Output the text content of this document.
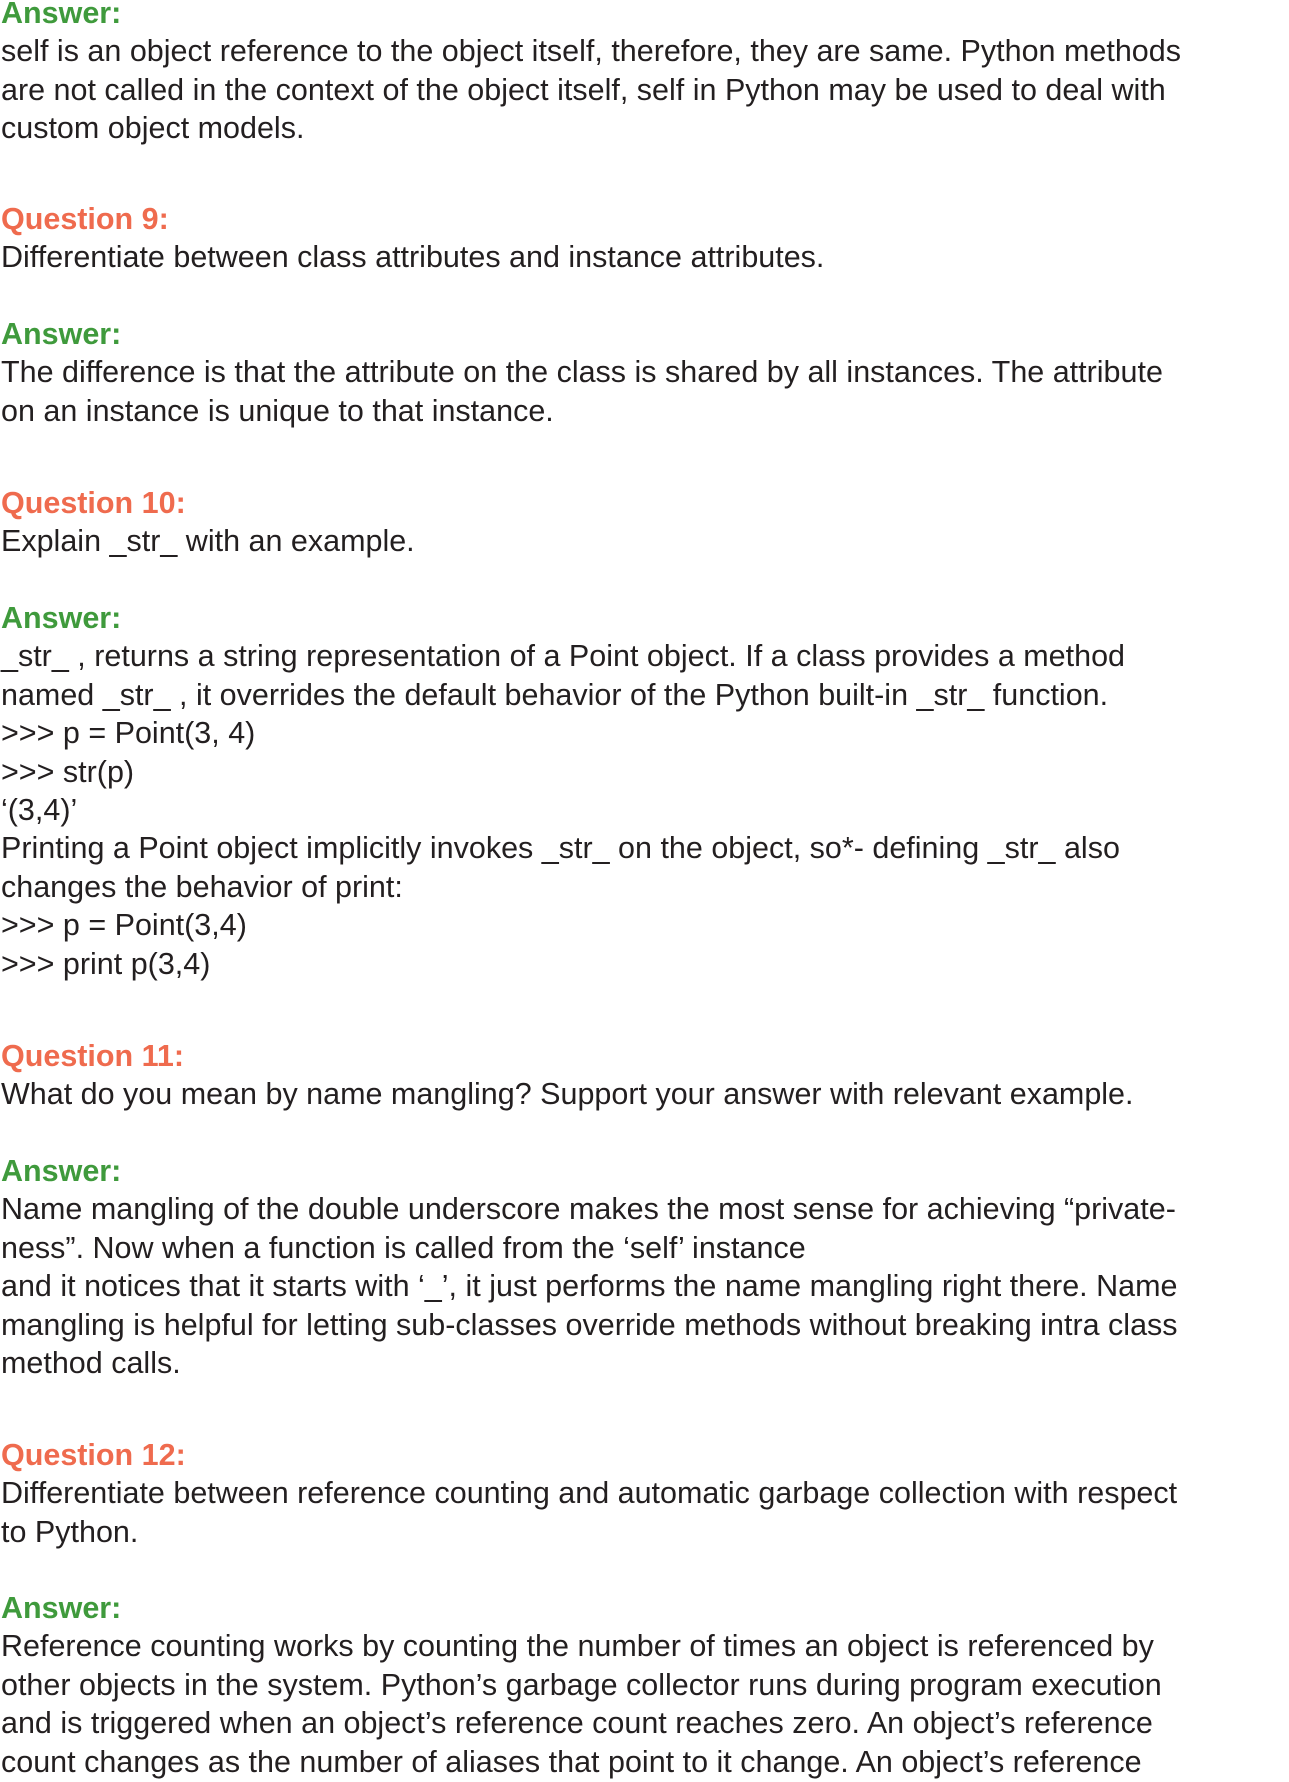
Answer:

self is an object reference to the object itself, therefore, they are same. Python methods

are not called in the context of the object itself, self in Python may be used to deal with

custom object models.

Question 9:

Differentiate between class attributes and instance attributes.

Answer:

The difference is that the attribute on the class is shared by all instances. The attribute

on an instance is unique to that instance.

Question 10:

Explain _str_ with an example.

Answer:

_str_ , returns a string representation of a Point object. If a class provides a method

named _str_ , it overrides the default behavior of the Python built-in _str_ function.

>>> p = Point(3, 4)

>>> str(p)

‘(3,4)’

Printing a Point object implicitly invokes _str_ on the object, so*- defining _str_ also

changes the behavior of print:

>>> p = Point(3,4)

>>> print p(3,4)

Question 11:

What do you mean by name mangling? Support your answer with relevant example.

Answer:

Name mangling of the double underscore makes the most sense for achieving “private-

ness”. Now when a function is called from the ‘self’ instance

and it notices that it starts with ‘_’, it just performs the name mangling right there. Name

mangling is helpful for letting sub-classes override methods without breaking intra class

method calls.

Question 12:

Differentiate between reference counting and automatic garbage collection with respect

to Python.

Answer:

Reference counting works by counting the number of times an object is referenced by

other objects in the system. Python’s garbage collector runs during program execution

and is triggered when an object’s reference count reaches zero. An object’s reference

count changes as the number of aliases that point to it change. An object’s reference
